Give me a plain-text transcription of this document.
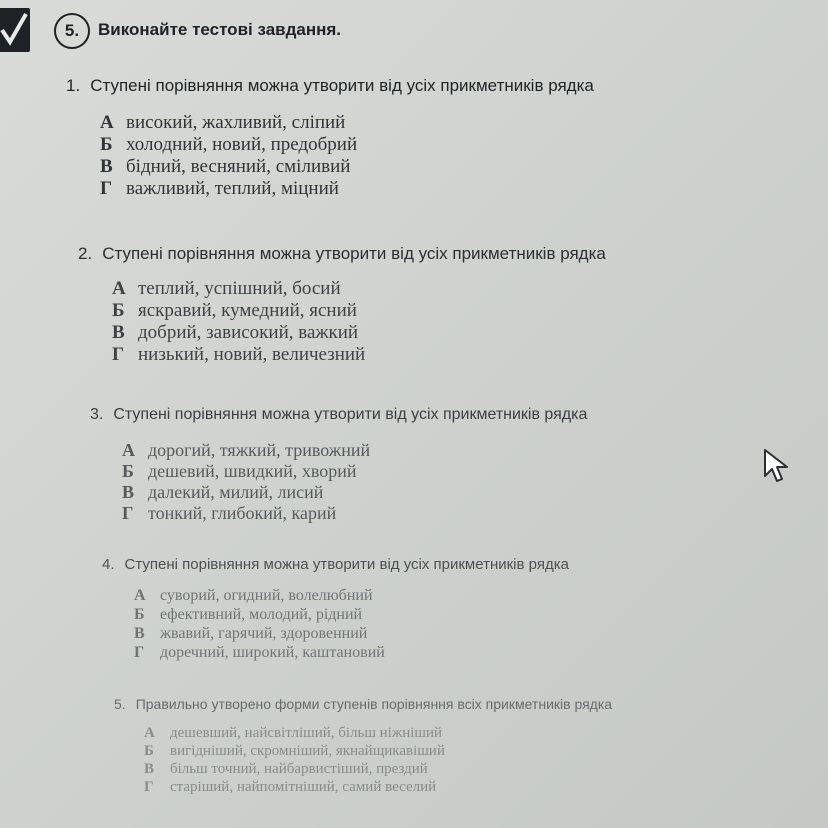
5.	Виконайте тестові завдання.
1. Ступені порівняння можна утворити від усіх прикметників рядка
А високий, жахливий, сліпий
Б холодний, новий, предобрий
В бідний, весняний, сміливий
Г важливий, теплий, міцний
2. Ступені порівняння можна утворити від усіх прикметників рядка
А теплий, успішний, босий
Б яскравий, кумедний, ясний
В добрий, зависокий, важкий
Г низький, новий, величезний
3. Ступені порівняння можна утворити від усіх прикметників рядка
А дорогий, тяжкий, тривожний
Б дешевий, швидкий, хворий
В далекий, милий, лисий
Г тонкий, глибокий, карий
4. Ступені порівняння можна утворити від усіх прикметників рядка
А суворий, огидний, волелюбний
Б ефективний, молодий, рідний
В жвавий, гарячий, здоровенний
Г доречний, широкий, каштановий
5. Правильно утворено форми ступенів порівняння всіх прикметників рядка
А дешевший, найсвітліший, більш ніжніший
Б вигідніший, скромніший, якнайщикавіший
В більш точний, найбарвистіший, прездий
Г старіший, найпомітніший, самий веселий
